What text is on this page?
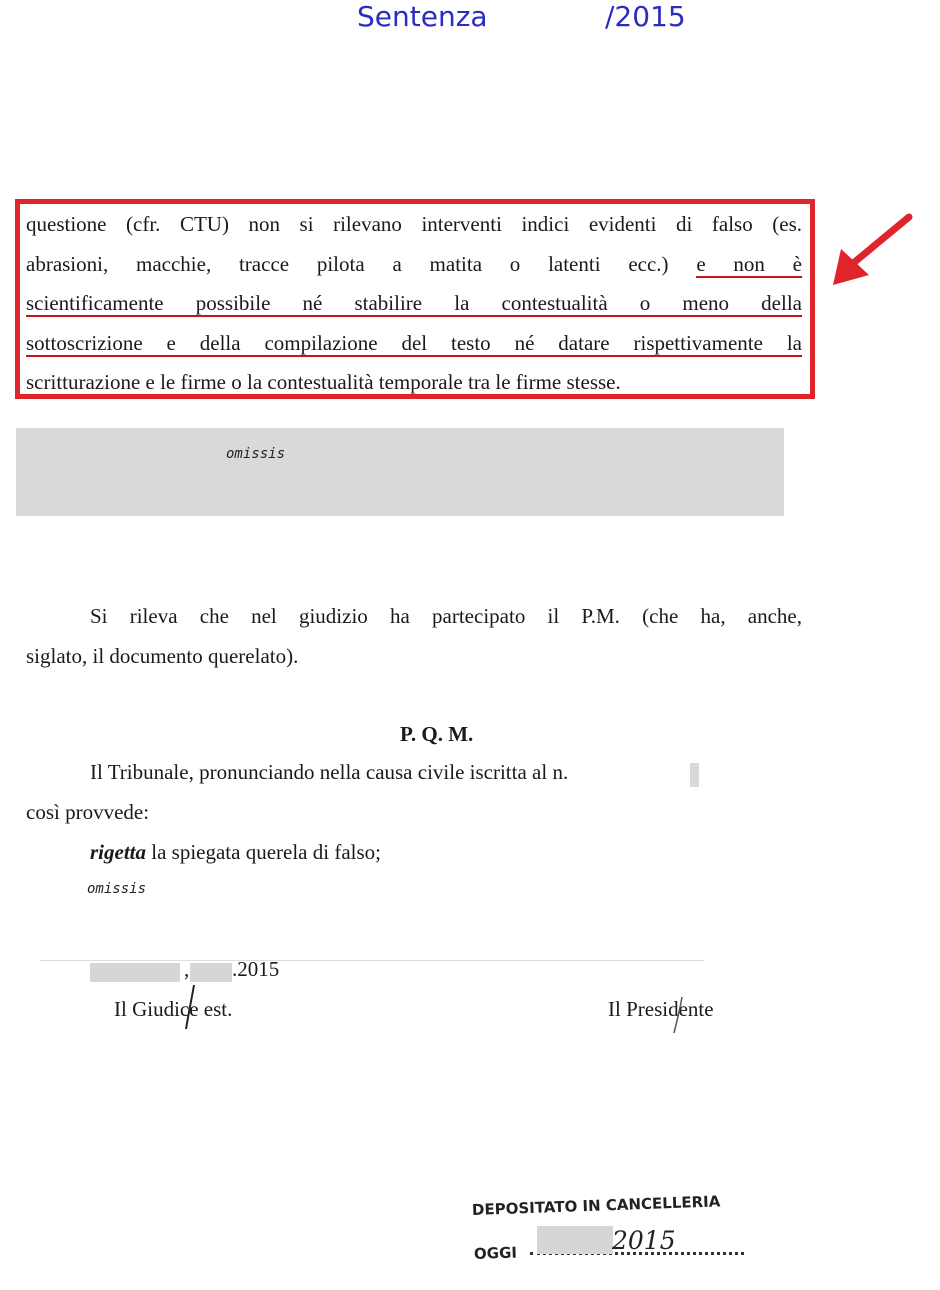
Sentenza	/2015
questione (cfr. CTU) non si rilevano interventi indici evidenti di falso (es.
abrasioni, macchie, tracce pilota a matita o latenti ecc.) e non è
scientificamente possibile né stabilire la contestualità o meno della
sottoscrizione e della compilazione del testo né datare rispettivamente la
scritturazione e le firme o la contestualità temporale tra le firme stesse.
omissis
Si rileva che nel giudizio ha partecipato il P.M. (che ha, anche,
siglato, il documento querelato).
P. Q. M.
Il Tribunale, pronunciando nella causa civile iscritta al n.
così provvede:
rigetta la spiegata querela di falso;
omissis
, .2015
Il Giudice est.	Il Presidente
DEPOSITATO IN CANCELLERIA
OGGI	2015
